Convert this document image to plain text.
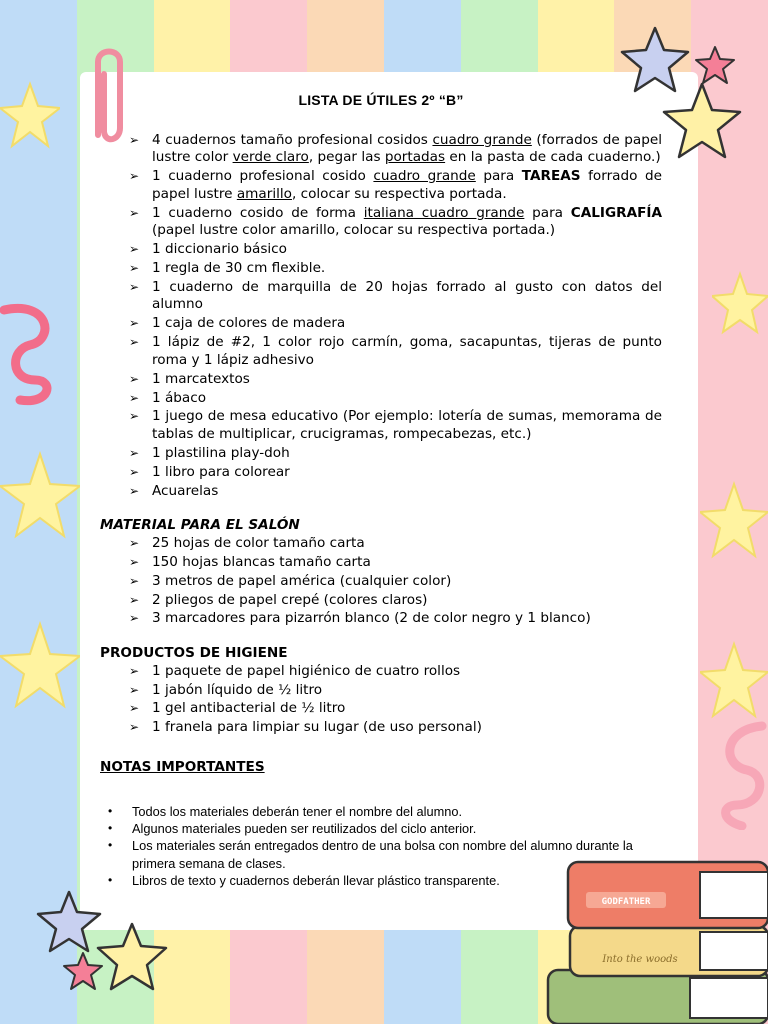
GODFATHER
Into the woods
LISTA DE ÚTILES 2º “B”
➢ 4 cuadernos tamaño profesional cosidos cuadro grande (forrados de papel lustre color verde claro, pegar las portadas en la pasta de cada cuaderno.)
➢ 1 cuaderno profesional cosido cuadro grande para TAREAS forrado de papel lustre amarillo, colocar su respectiva portada.
➢ 1 cuaderno cosido de forma italiana cuadro grande para CALIGRAFÍA (papel lustre color amarillo, colocar su respectiva portada.)
➢ 1 diccionario básico
➢ 1 regla de 30 cm flexible.
➢ 1 cuaderno de marquilla de 20 hojas forrado al gusto con datos del alumno
➢ 1 caja de colores de madera
➢ 1 lápiz de #2, 1 color rojo carmín, goma, sacapuntas, tijeras de punto roma y 1 lápiz adhesivo
➢ 1 marcatextos
➢ 1 ábaco
➢ 1 juego de mesa educativo (Por ejemplo: lotería de sumas, memorama de tablas de multiplicar, crucigramas, rompecabezas, etc.)
➢ 1 plastilina play-doh
➢ 1 libro para colorear
➢ Acuarelas
MATERIAL PARA EL SALÓN
➢ 25 hojas de color tamaño carta
➢ 150 hojas blancas tamaño carta
➢ 3 metros de papel américa (cualquier color)
➢ 2 pliegos de papel crepé (colores claros)
➢ 3 marcadores para pizarrón blanco (2 de color negro y 1 blanco)
PRODUCTOS DE HIGIENE
➢ 1 paquete de papel higiénico de cuatro rollos
➢ 1 jabón líquido de ½ litro
➢ 1 gel antibacterial de ½ litro
➢ 1 franela para limpiar su lugar (de uso personal)
NOTAS IMPORTANTES
• Todos los materiales deberán tener el nombre del alumno.
• Algunos materiales pueden ser reutilizados del ciclo anterior.
• Los materiales serán entregados dentro de una bolsa con nombre del alumno durante la primera semana de clases.
• Libros de texto y cuadernos deberán llevar plástico transparente.
